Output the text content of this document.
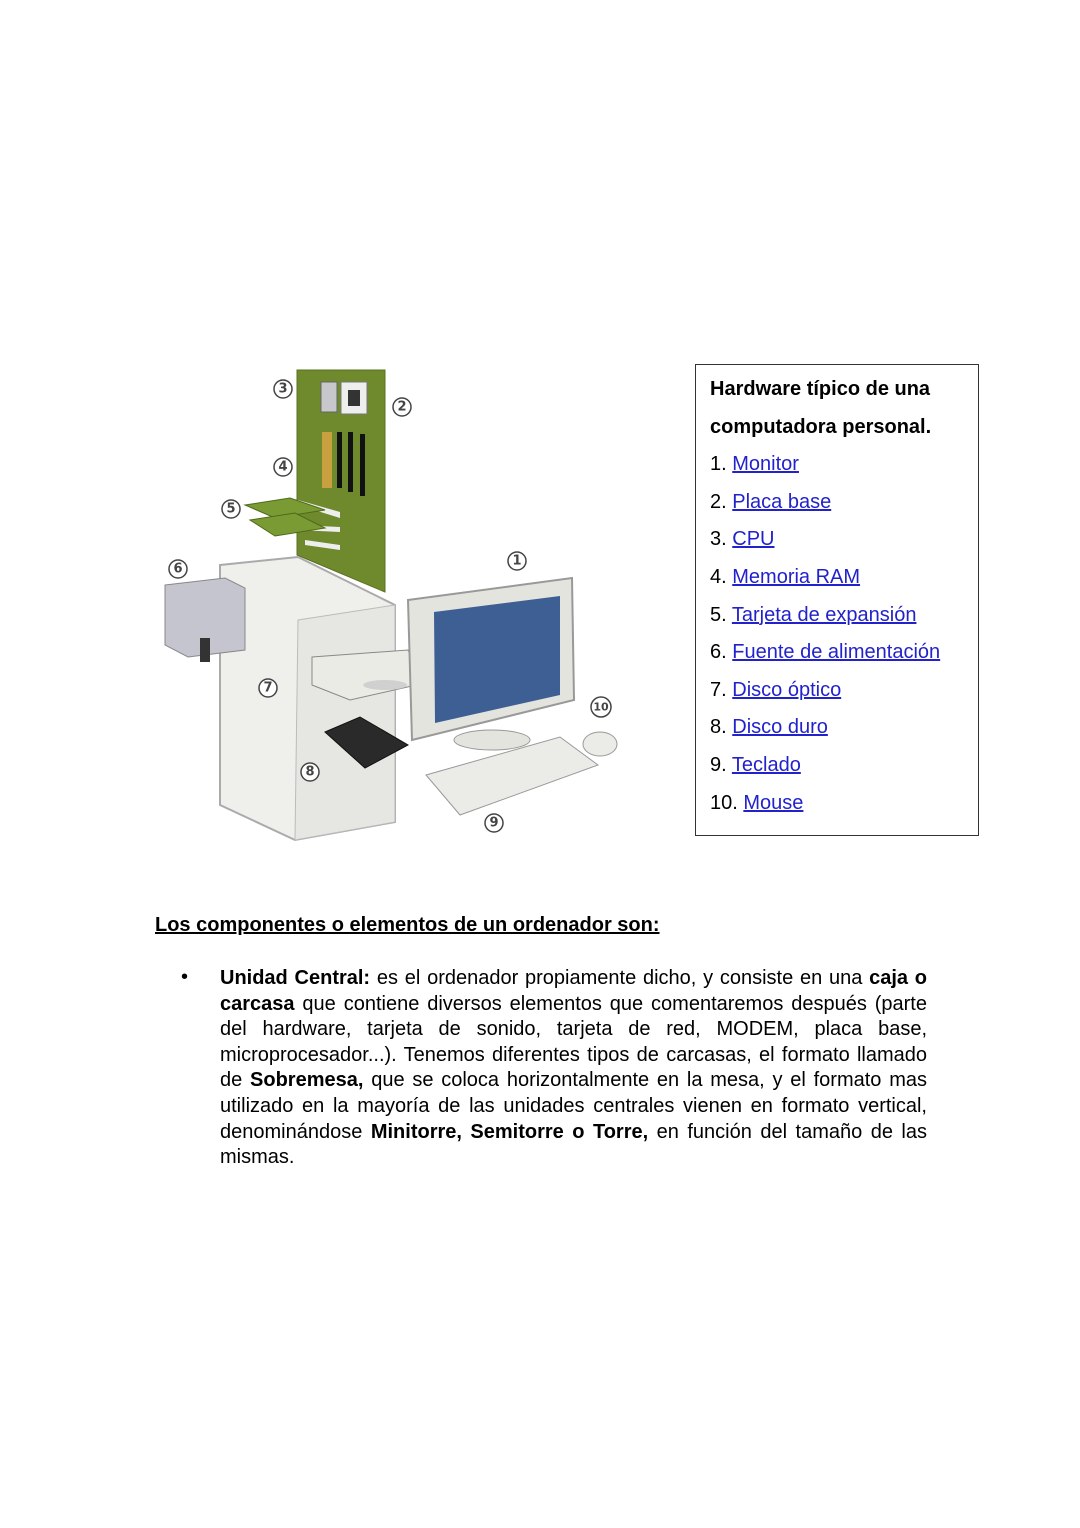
1
2
3
4
5
6
7
8
9
10
Hardware típico de una
computadora personal.
1. Monitor
2. Placa base
3. CPU
4. Memoria RAM
5. Tarjeta de expansión
6. Fuente de alimentación
7. Disco óptico
8. Disco duro
9. Teclado
10. Mouse
Los componentes o elementos de un ordenador son:
• Unidad Central: es el ordenador propiamente dicho, y consiste en una caja o carcasa que contiene diversos elementos que comentaremos después (parte del hardware, tarjeta de sonido, tarjeta de red, MODEM, placa base, microprocesador...). Tenemos diferentes tipos de carcasas, el formato llamado de Sobremesa, que se coloca horizontalmente en la mesa, y el formato mas utilizado en la mayoría de las unidades centrales vienen en formato vertical, denominándose Minitorre, Semitorre o Torre, en función del tamaño de las mismas.
